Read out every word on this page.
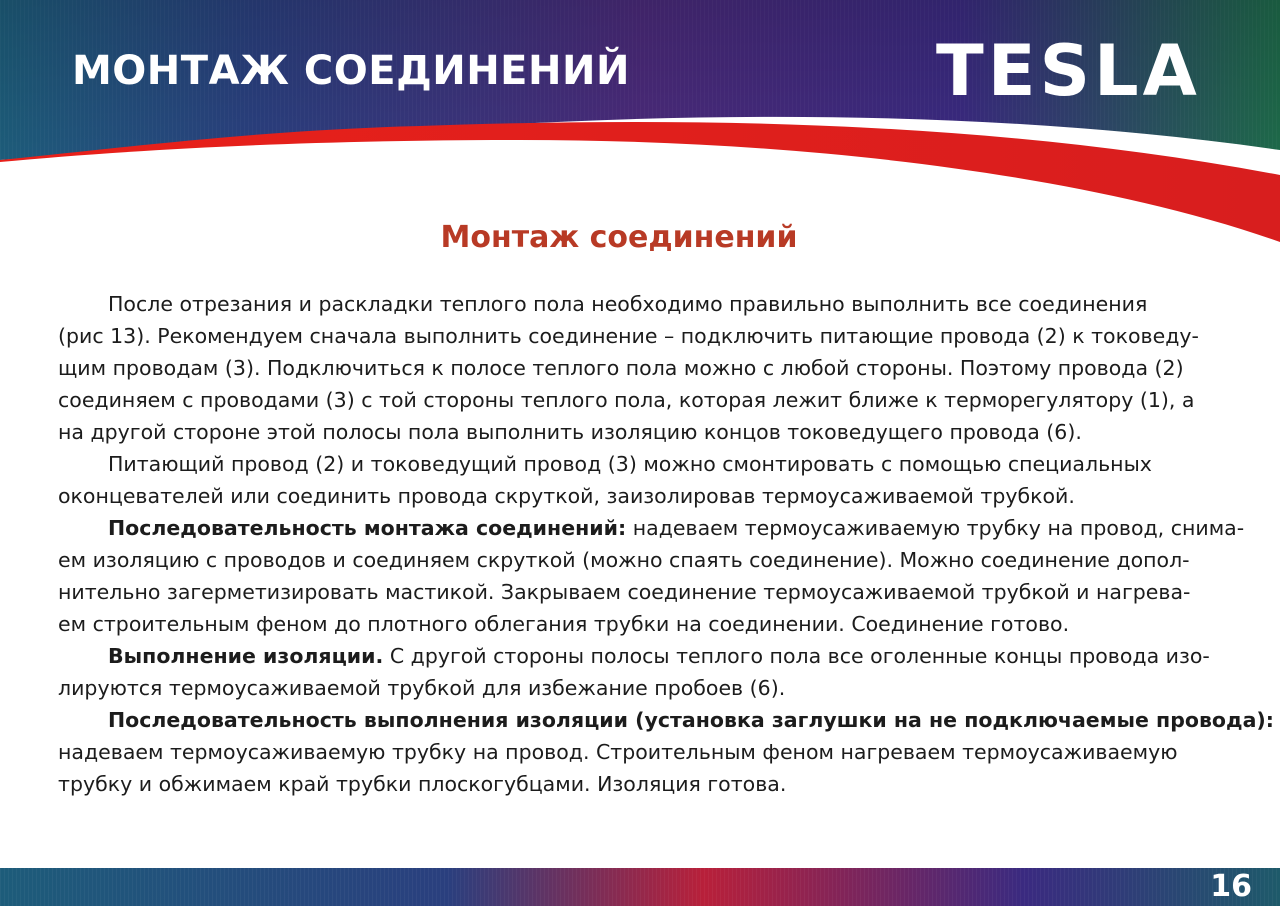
МОНТАЖ СОЕДИНЕНИЙ	TESLA
Монтаж соединений

После отрезания и раскладки теплого пола необходимо правильно выполнить все соединения
(рис 13). Рекомендуем сначала выполнить соединение – подключить питающие провода (2) к токоведу-
щим проводам (3). Подключиться к полосе теплого пола можно с любой стороны. Поэтому провода (2)
соединяем с проводами (3) с той стороны теплого пола, которая лежит ближе к терморегулятору (1), а
на другой стороне этой полосы пола выполнить изоляцию концов токоведущего провода (6).

Питающий провод (2) и токоведущий провод (3) можно смонтировать с помощью специальных
оконцевателей или соединить провода скруткой, заизолировав термоусаживаемой трубкой.

Последовательность монтажа соединений: надеваем термоусаживаемую трубку на провод, снима-
ем изоляцию с проводов и соединяем скруткой (можно спаять соединение). Можно соединение допол-
нительно загерметизировать мастикой. Закрываем соединение термоусаживаемой трубкой и нагрева-
ем строительным феном до плотного облегания трубки на соединении. Соединение готово.

Выполнение изоляции. С другой стороны полосы теплого пола все оголенные концы провода изо-
лируются термоусаживаемой трубкой для избежание пробоев (6).

Последовательность выполнения изоляции (установка заглушки на не подключаемые провода):
надеваем термоусаживаемую трубку на провод. Строительным феном нагреваем термоусаживаемую
трубку и обжимаем край трубки плоскогубцами. Изоляция готова.

16
